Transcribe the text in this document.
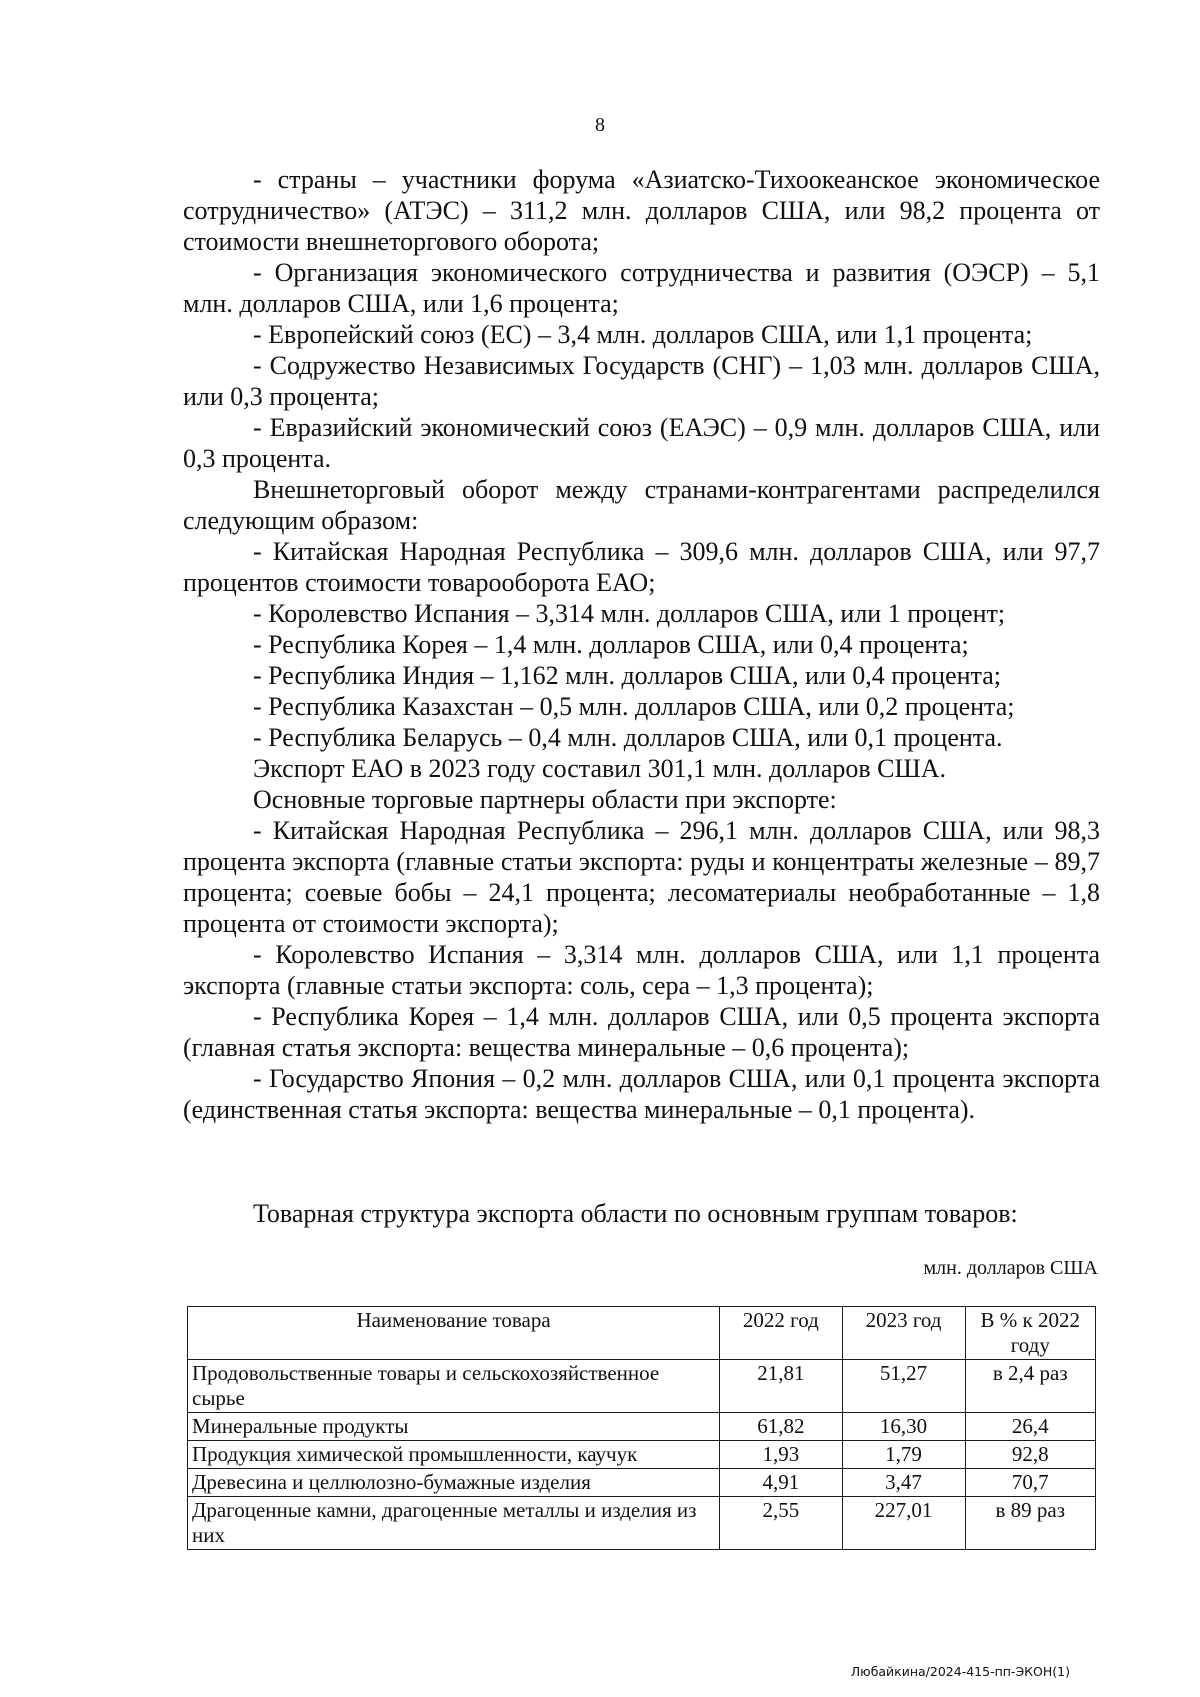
8

- страны – участники форума «Азиатско-Тихоокеанское экономическое сотрудничество» (АТЭС) – 311,2 млн. долларов США, или 98,2 процента от стоимости внешнеторгового оборота;

- Организация экономического сотрудничества и развития (ОЭСР) – 5,1 млн. долларов США, или 1,6 процента;

- Европейский союз (ЕС) – 3,4 млн. долларов США, или 1,1 процента;

- Содружество Независимых Государств (СНГ) – 1,03 млн. долларов США, или 0,3 процента;

- Евразийский экономический союз (ЕАЭС) – 0,9 млн. долларов США, или 0,3 процента.

Внешнеторговый оборот между странами-контрагентами распределился следующим образом:

- Китайская Народная Республика – 309,6 млн. долларов США, или 97,7 процентов стоимости товарооборота ЕАО;

- Королевство Испания – 3,314 млн. долларов США, или 1 процент;

- Республика Корея – 1,4 млн. долларов США, или 0,4 процента;

- Республика Индия – 1,162 млн. долларов США, или 0,4 процента;

- Республика Казахстан – 0,5 млн. долларов США, или 0,2 процента;

- Республика Беларусь – 0,4 млн. долларов США, или 0,1 процента.

Экспорт ЕАО в 2023 году составил 301,1 млн. долларов США.

Основные торговые партнеры области при экспорте:

- Китайская Народная Республика – 296,1 млн. долларов США, или 98,3 процента экспорта (главные статьи экспорта: руды и концентраты железные – 89,7 процента; соевые бобы – 24,1 процента; лесоматериалы необработанные – 1,8 процента от стоимости экспорта);

- Королевство Испания – 3,314 млн. долларов США, или 1,1 процента экспорта (главные статьи экспорта: соль, сера – 1,3 процента);

- Республика Корея – 1,4 млн. долларов США, или 0,5 процента экспорта (главная статья экспорта: вещества минеральные – 0,6 процента);

- Государство Япония – 0,2 млн. долларов США, или 0,1 процента экспорта (единственная статья экспорта: вещества минеральные – 0,1 процента).

Товарная структура экспорта области по основным группам товаров:
млн. долларов США
Наименование товара	2022 год	2023 год	В % к 2022 году
Продовольственные товары и сельскохозяйственное сырье	21,81	51,27	в 2,4 раз
Минеральные продукты	61,82	16,30	26,4
Продукция химической промышленности, каучук	1,93	1,79	92,8
Древесина и целлюлозно-бумажные изделия	4,91	3,47	70,7
Драгоценные камни, драгоценные металлы и изделия из них	2,55	227,01	в 89 раз
Любайкина/2024-415-пп-ЭКОН(1)
